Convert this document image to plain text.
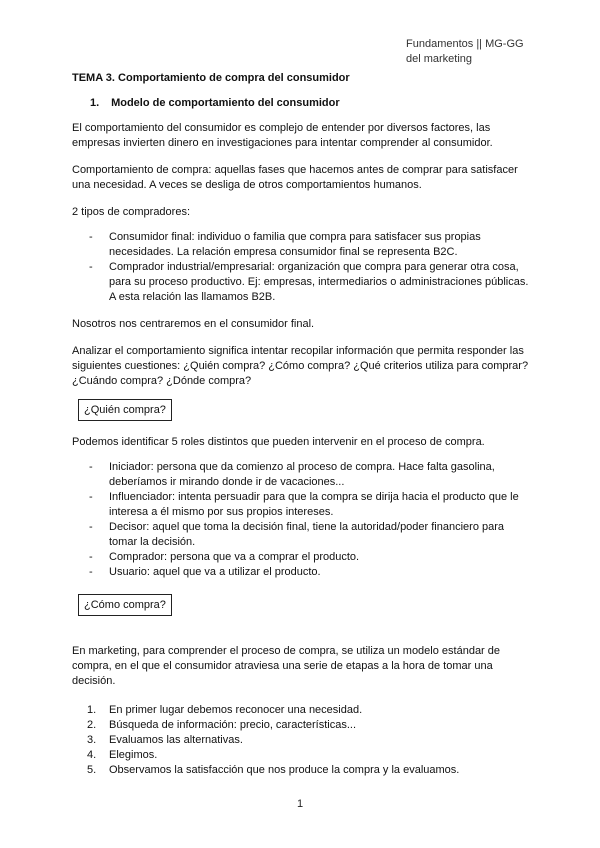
Fundamentos || MG-GG
del marketing
TEMA 3. Comportamiento de compra del consumidor
1. Modelo de comportamiento del consumidor

El comportamiento del consumidor es complejo de entender por diversos factores, las empresas invierten dinero en investigaciones para intentar comprender al consumidor.

Comportamiento de compra: aquellas fases que hacemos antes de comprar para satisfacer una necesidad. A veces se desliga de otros comportamientos humanos.

2 tipos de compradores:

- Consumidor final: individuo o familia que compra para satisfacer sus propias necesidades. La relación empresa consumidor final se representa B2C.
- Comprador industrial/empresarial: organización que compra para generar otra cosa, para su proceso productivo. Ej: empresas, intermediarios o administraciones públicas. A esta relación las llamamos B2B.

Nosotros nos centraremos en el consumidor final.

Analizar el comportamiento significa intentar recopilar información que permita responder las siguientes cuestiones: ¿Quién compra? ¿Cómo compra? ¿Qué criterios utiliza para comprar? ¿Cuándo compra? ¿Dónde compra?

¿Quién compra?

Podemos identificar 5 roles distintos que pueden intervenir en el proceso de compra.

- Iniciador: persona que da comienzo al proceso de compra. Hace falta gasolina, deberíamos ir mirando donde ir de vacaciones...
- Influenciador: intenta persuadir para que la compra se dirija hacia el producto que le interesa a él mismo por sus propios intereses.
- Decisor: aquel que toma la decisión final, tiene la autoridad/poder financiero para tomar la decisión.
- Comprador: persona que va a comprar el producto.
- Usuario: aquel que va a utilizar el producto.
¿Cómo compra?

En marketing, para comprender el proceso de compra, se utiliza un modelo estándar de compra, en el que el consumidor atraviesa una serie de etapas a la hora de tomar una decisión.

1. En primer lugar debemos reconocer una necesidad.
2. Búsqueda de información: precio, características...
3. Evaluamos las alternativas.
4. Elegimos.
5. Observamos la satisfacción que nos produce la compra y la evaluamos.
1
